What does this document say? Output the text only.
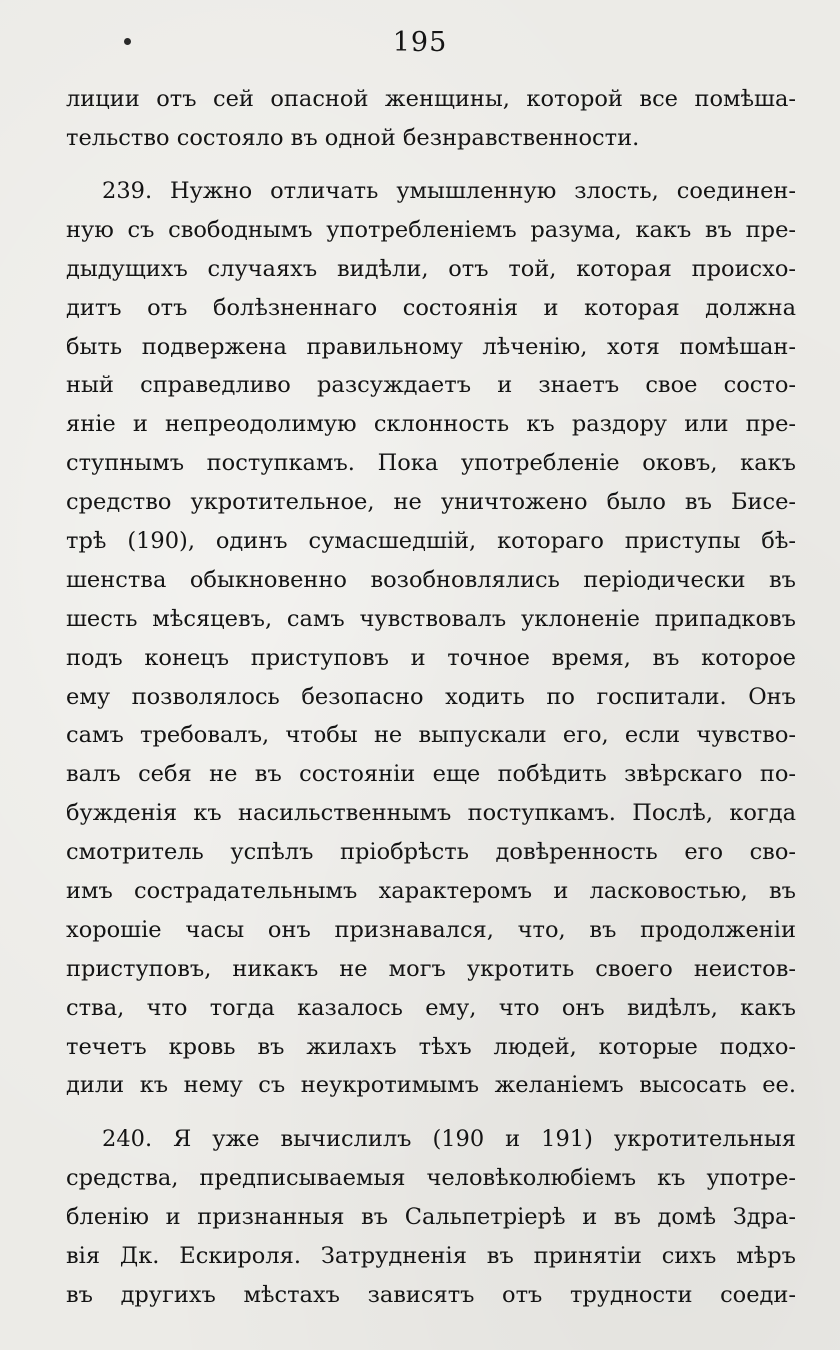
195
лиции отъ сей опасной женщины, которой все помѣша-
тельство состояло въ одной безнравственности.
239. Нужно отличать умышленную злость, соединен-
ную съ свободнымъ употребленіемъ разума, какъ въ пре-
дыдущихъ случаяхъ видѣли, отъ той, которая происхо-
дитъ отъ болѣзненнаго состоянія и которая должна
быть подвержена правильному лѣченію, хотя помѣшан-
ный справедливо разсуждаетъ и знаетъ свое состо-
яніе и непреодолимую склонность къ раздору или пре-
ступнымъ поступкамъ. Пока употребленіе оковъ, какъ
средство укротительное, не уничтожено было въ Бисе-
трѣ (190), одинъ сумасшедшій, котораго приступы бѣ-
шенства обыкновенно возобновлялись періодически въ
шесть мѣсяцевъ, самъ чувствовалъ уклоненіе припадковъ
подъ конецъ приступовъ и точное время, въ которое
ему позволялось безопасно ходить по госпитали. Онъ
самъ требовалъ, чтобы не выпускали его, если чувство-
валъ себя не въ состояніи еще побѣдить звѣрскаго по-
бужденія къ насильственнымъ поступкамъ. Послѣ, когда
смотритель успѣлъ пріобрѣсть довѣренность его сво-
имъ сострадательнымъ характеромъ и ласковостью, въ
хорошіе часы онъ признавался, что, въ продолженіи
приступовъ, никакъ не могъ укротить своего неистов-
ства, что тогда казалось ему, что онъ видѣлъ, какъ
течетъ кровь въ жилахъ тѣхъ людей, которые подхо-
дили къ нему съ неукротимымъ желаніемъ высосать ее.
240. Я уже вычислилъ (190 и 191) укротительныя
средства, предписываемыя человѣколюбіемъ къ употре-
бленію и признанныя въ Сальпетріерѣ и въ домѣ Здра-
вія Дк. Ескироля. Затрудненія въ принятіи сихъ мѣръ
въ другихъ мѣстахъ зависятъ отъ трудности соеди-
